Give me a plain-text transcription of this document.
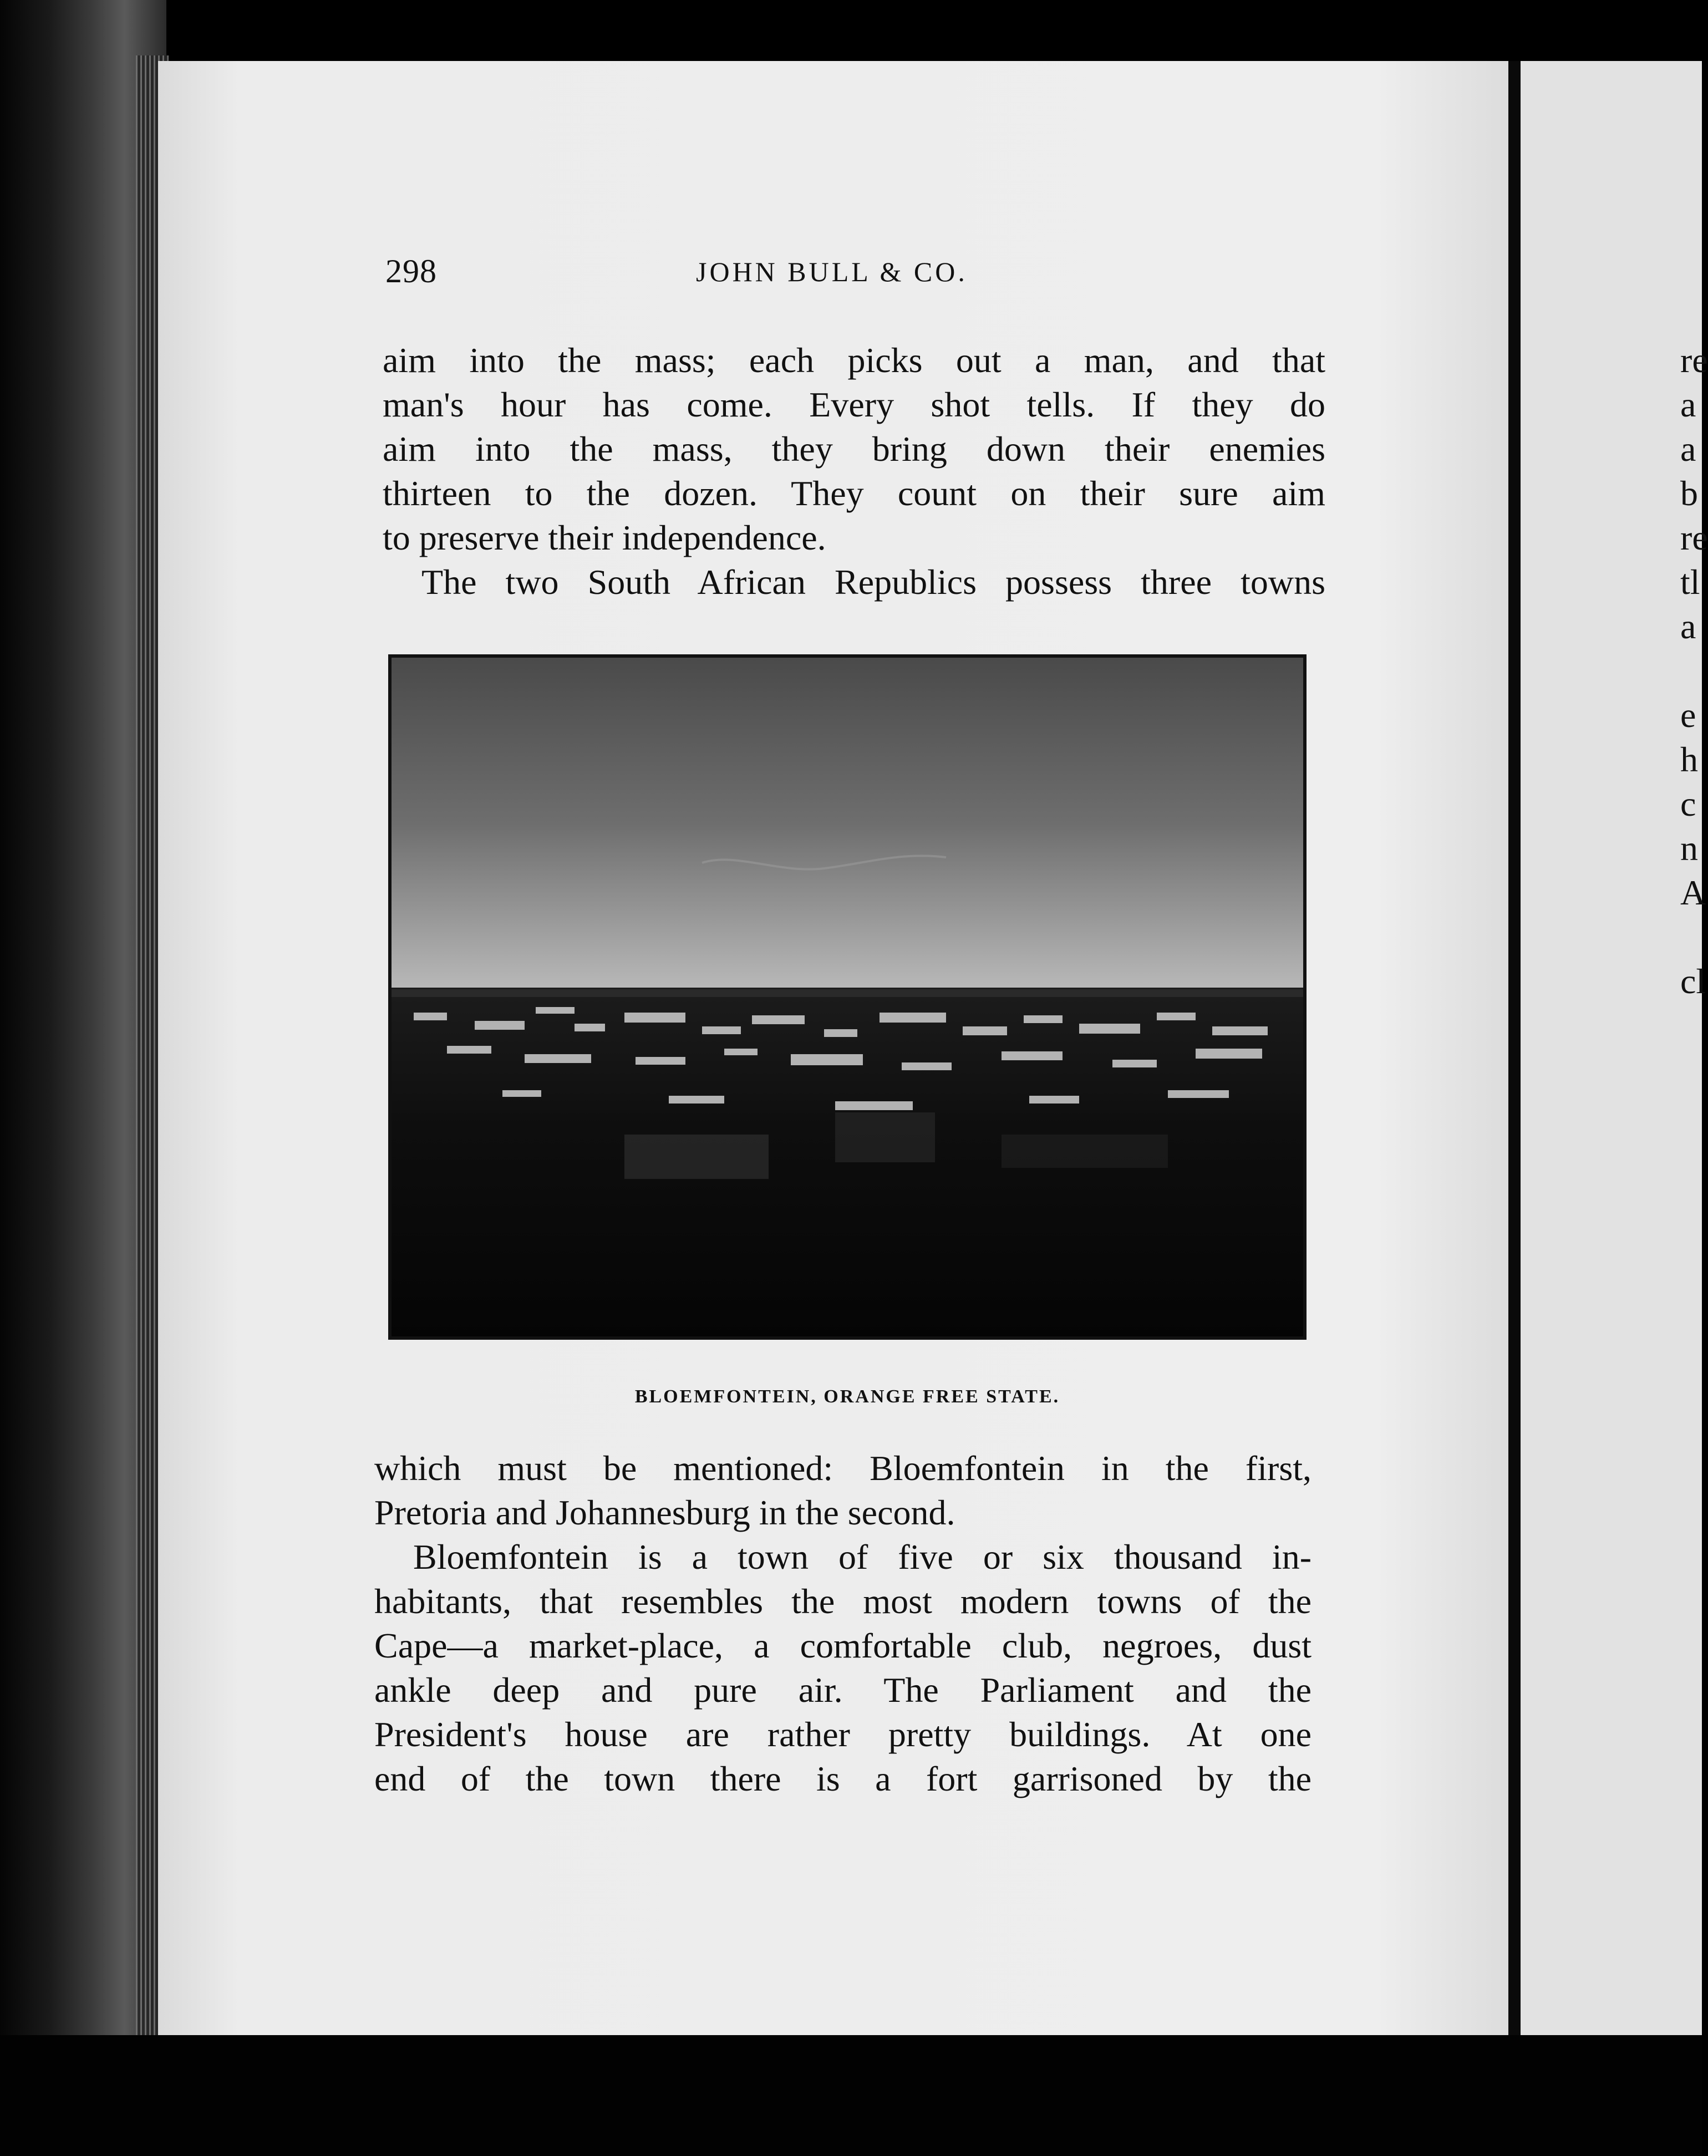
298	JOHN BULL & CO.
aim into the mass; each picks out a man, and that
man's hour has come. Every shot tells. If they do
aim into the mass, they bring down their enemies
thirteen to the dozen. They count on their sure aim
to preserve their independence.
The two South African Republics possess three towns
BLOEMFONTEIN, ORANGE FREE STATE.
which must be mentioned: Bloemfontein in the first,
Pretoria and Johannesburg in the second.
Bloemfontein is a town of five or six thousand in-
habitants, that resembles the most modern towns of the
Cape—a market-place, a comfortable club, negroes, dust
ankle deep and pure air. The Parliament and the
President's house are rather pretty buildings. At one
end of the town there is a fort garrisoned by the
re
a
a
b
re
tl
a
e
h
c
n
A
cl
